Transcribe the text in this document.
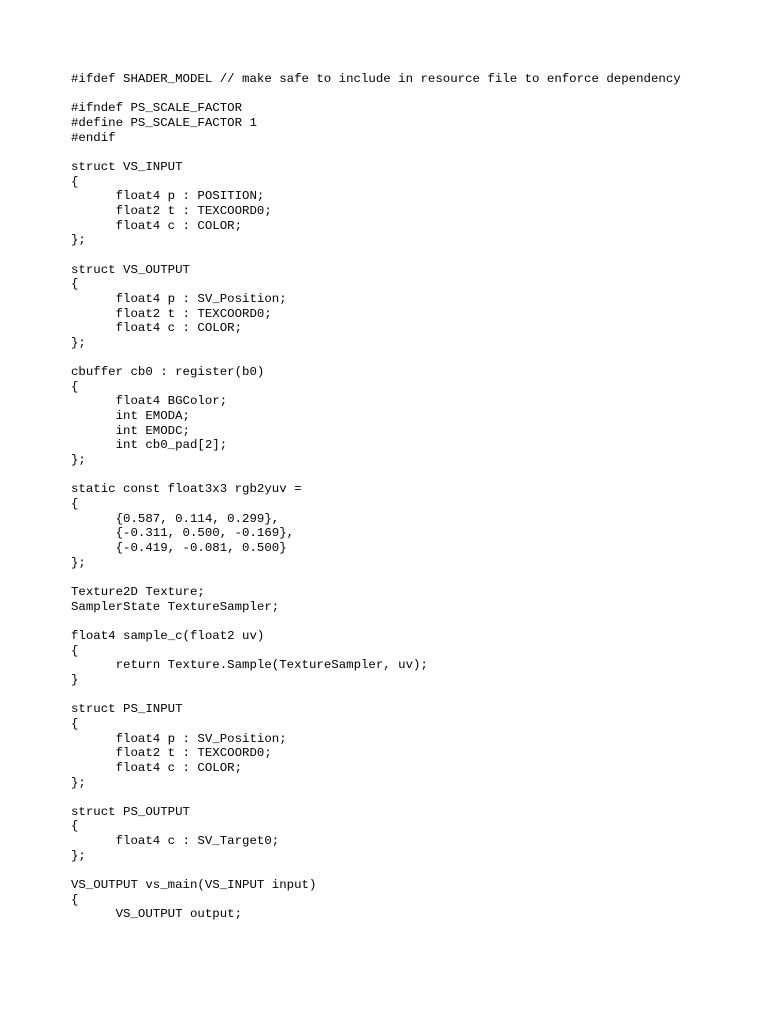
#ifdef SHADER_MODEL // make safe to include in resource file to enforce dependency
#ifndef PS_SCALE_FACTOR
#define PS_SCALE_FACTOR 1
#endif
struct VS_INPUT
{
	float4 p : POSITION;
	float2 t : TEXCOORD0;
	float4 c : COLOR;
};
struct VS_OUTPUT
{
	float4 p : SV_Position;
	float2 t : TEXCOORD0;
	float4 c : COLOR;
};
cbuffer cb0 : register(b0)
{
	float4 BGColor;
	int EMODA;
	int EMODC;
	int cb0_pad[2];
};
static const float3x3 rgb2yuv =
{
	{0.587, 0.114, 0.299},
	{-0.311, 0.500, -0.169},
	{-0.419, -0.081, 0.500}
};
Texture2D Texture;
SamplerState TextureSampler;
float4 sample_c(float2 uv)
{
	return Texture.Sample(TextureSampler, uv);
}
struct PS_INPUT
{
	float4 p : SV_Position;
	float2 t : TEXCOORD0;
	float4 c : COLOR;
};
struct PS_OUTPUT
{
	float4 c : SV_Target0;
};
VS_OUTPUT vs_main(VS_INPUT input)
{
	VS_OUTPUT output;
